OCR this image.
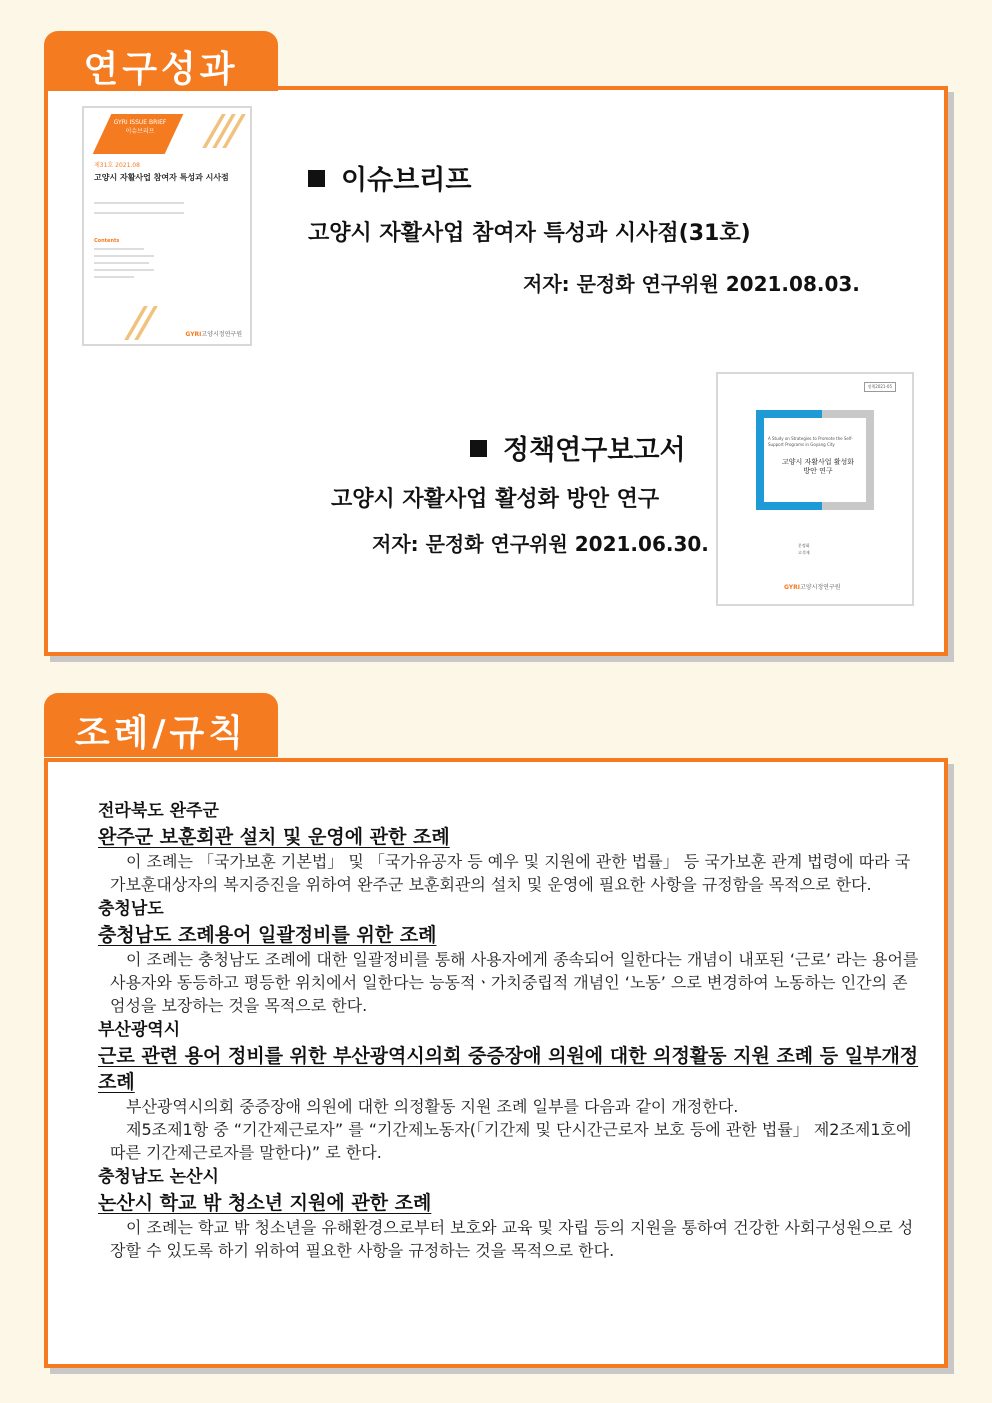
연구성과
GYRI ISSUE BRIEF 이슈브리프
제31호 2021.08
고양시 자활사업 참여자 특성과 시사점
Contents
GYRI고양시정연구원
이슈브리프
고양시 자활사업 참여자 특성과 시사점(31호)
저자: 문정화 연구위원 2021.08.03.
정책연구보고서
고양시 자활사업 활성화 방안 연구
저자: 문정화 연구위원 2021.06.30.
정책2021-05
A Study on Strategies to Promote the Self-Support Programs in Goyang City
고양시 자활사업 활성화 방안 연구
문정화
고석재
GYRI고양시정연구원
조례/규칙
전라북도 완주군
완주군 보훈회관 설치 및 운영에 관한 조례

이 조례는 「국가보훈 기본법」 및 「국가유공자 등 예우 및 지원에 관한 법률」 등 국가보훈 관계 법령에 따라 국가보훈대상자의 복지증진을 위하여 완주군 보훈회관의 설치 및 운영에 필요한 사항을 규정함을 목적으로 한다.

충청남도
충청남도 조례용어 일괄정비를 위한 조례

이 조례는 충청남도 조례에 대한 일괄정비를 통해 사용자에게 종속되어 일한다는 개념이 내포된 ‘근로’ 라는 용어를 사용자와 동등하고 평등한 위치에서 일한다는 능동적ㆍ가치중립적 개념인 ‘노동’ 으로 변경하여 노동하는 인간의 존엄성을 보장하는 것을 목적으로 한다.

부산광역시
근로 관련 용어 정비를 위한 부산광역시의회 중증장애 의원에 대한 의정활동 지원 조례 등 일부개정조례

부산광역시의회 중증장애 의원에 대한 의정활동 지원 조례 일부를 다음과 같이 개정한다.

제5조제1항 중 “기간제근로자” 를 “기간제노동자(「기간제 및 단시간근로자 보호 등에 관한 법률」 제2조제1호에 따른 기간제근로자를 말한다)” 로 한다.

충청남도 논산시
논산시 학교 밖 청소년 지원에 관한 조례

이 조례는 학교 밖 청소년을 유해환경으로부터 보호와 교육 및 자립 등의 지원을 통하여 건강한 사회구성원으로 성장할 수 있도록 하기 위하여 필요한 사항을 규정하는 것을 목적으로 한다.
